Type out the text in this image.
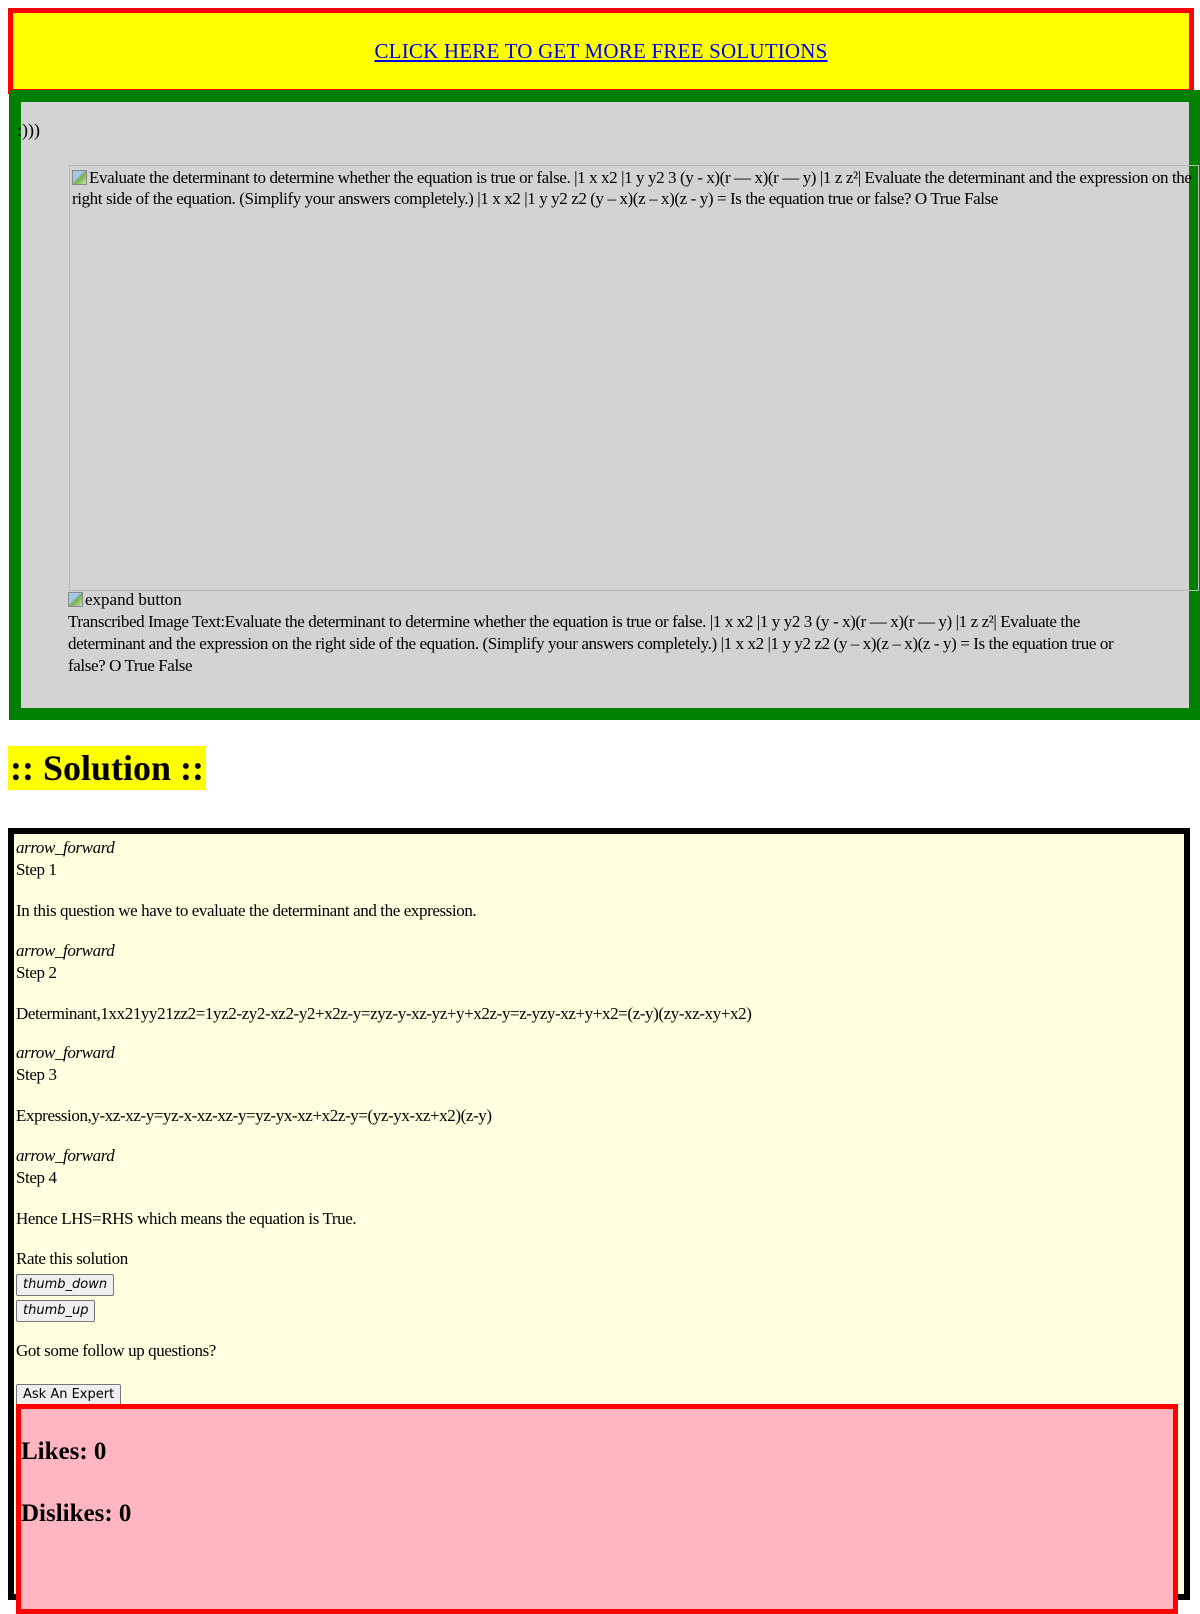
CLICK HERE TO GET MORE FREE SOLUTIONS
:)))
Evaluate the determinant to determine whether the equation is true or false. |1 x x2 |1 y y2 3 (y - x)(r — x)(r — y) |1 z z²| Evaluate the determinant and the expression on the right side of the equation. (Simplify your answers completely.) |1 x x2 |1 y y2 z2 (y – x)(z – x)(z - y) = Is the equation true or false? O True False
expand button
Transcribed Image Text:Evaluate the determinant to determine whether the equation is true or false. |1 x x2 |1 y y2 3 (y - x)(r — x)(r — y) |1 z z²| Evaluate the determinant and the expression on the right side of the equation. (Simplify your answers completely.) |1 x x2 |1 y y2 z2 (y – x)(z – x)(z - y) = Is the equation true or false? O True False
:: Solution ::
arrow_forward
Step 1
In this question we have to evaluate the determinant and the expression.
arrow_forward
Step 2
Determinant,1xx21yy21zz2=1yz2-zy2-xz2-y2+x2z-y=zyz-y-xz-yz+y+x2z-y=z-yzy-xz+y+x2=(z-y)(zy-xz-xy+x2)
arrow_forward
Step 3
Expression,y-xz-xz-y=yz-x-xz-xz-y=yz-yx-xz+x2z-y=(yz-yx-xz+x2)(z-y)
arrow_forward
Step 4
Hence LHS=RHS which means the equation is True.
Rate this solution
thumb_down
thumb_up
Got some follow up questions?
Ask An Expert
Likes: 0
Dislikes: 0
